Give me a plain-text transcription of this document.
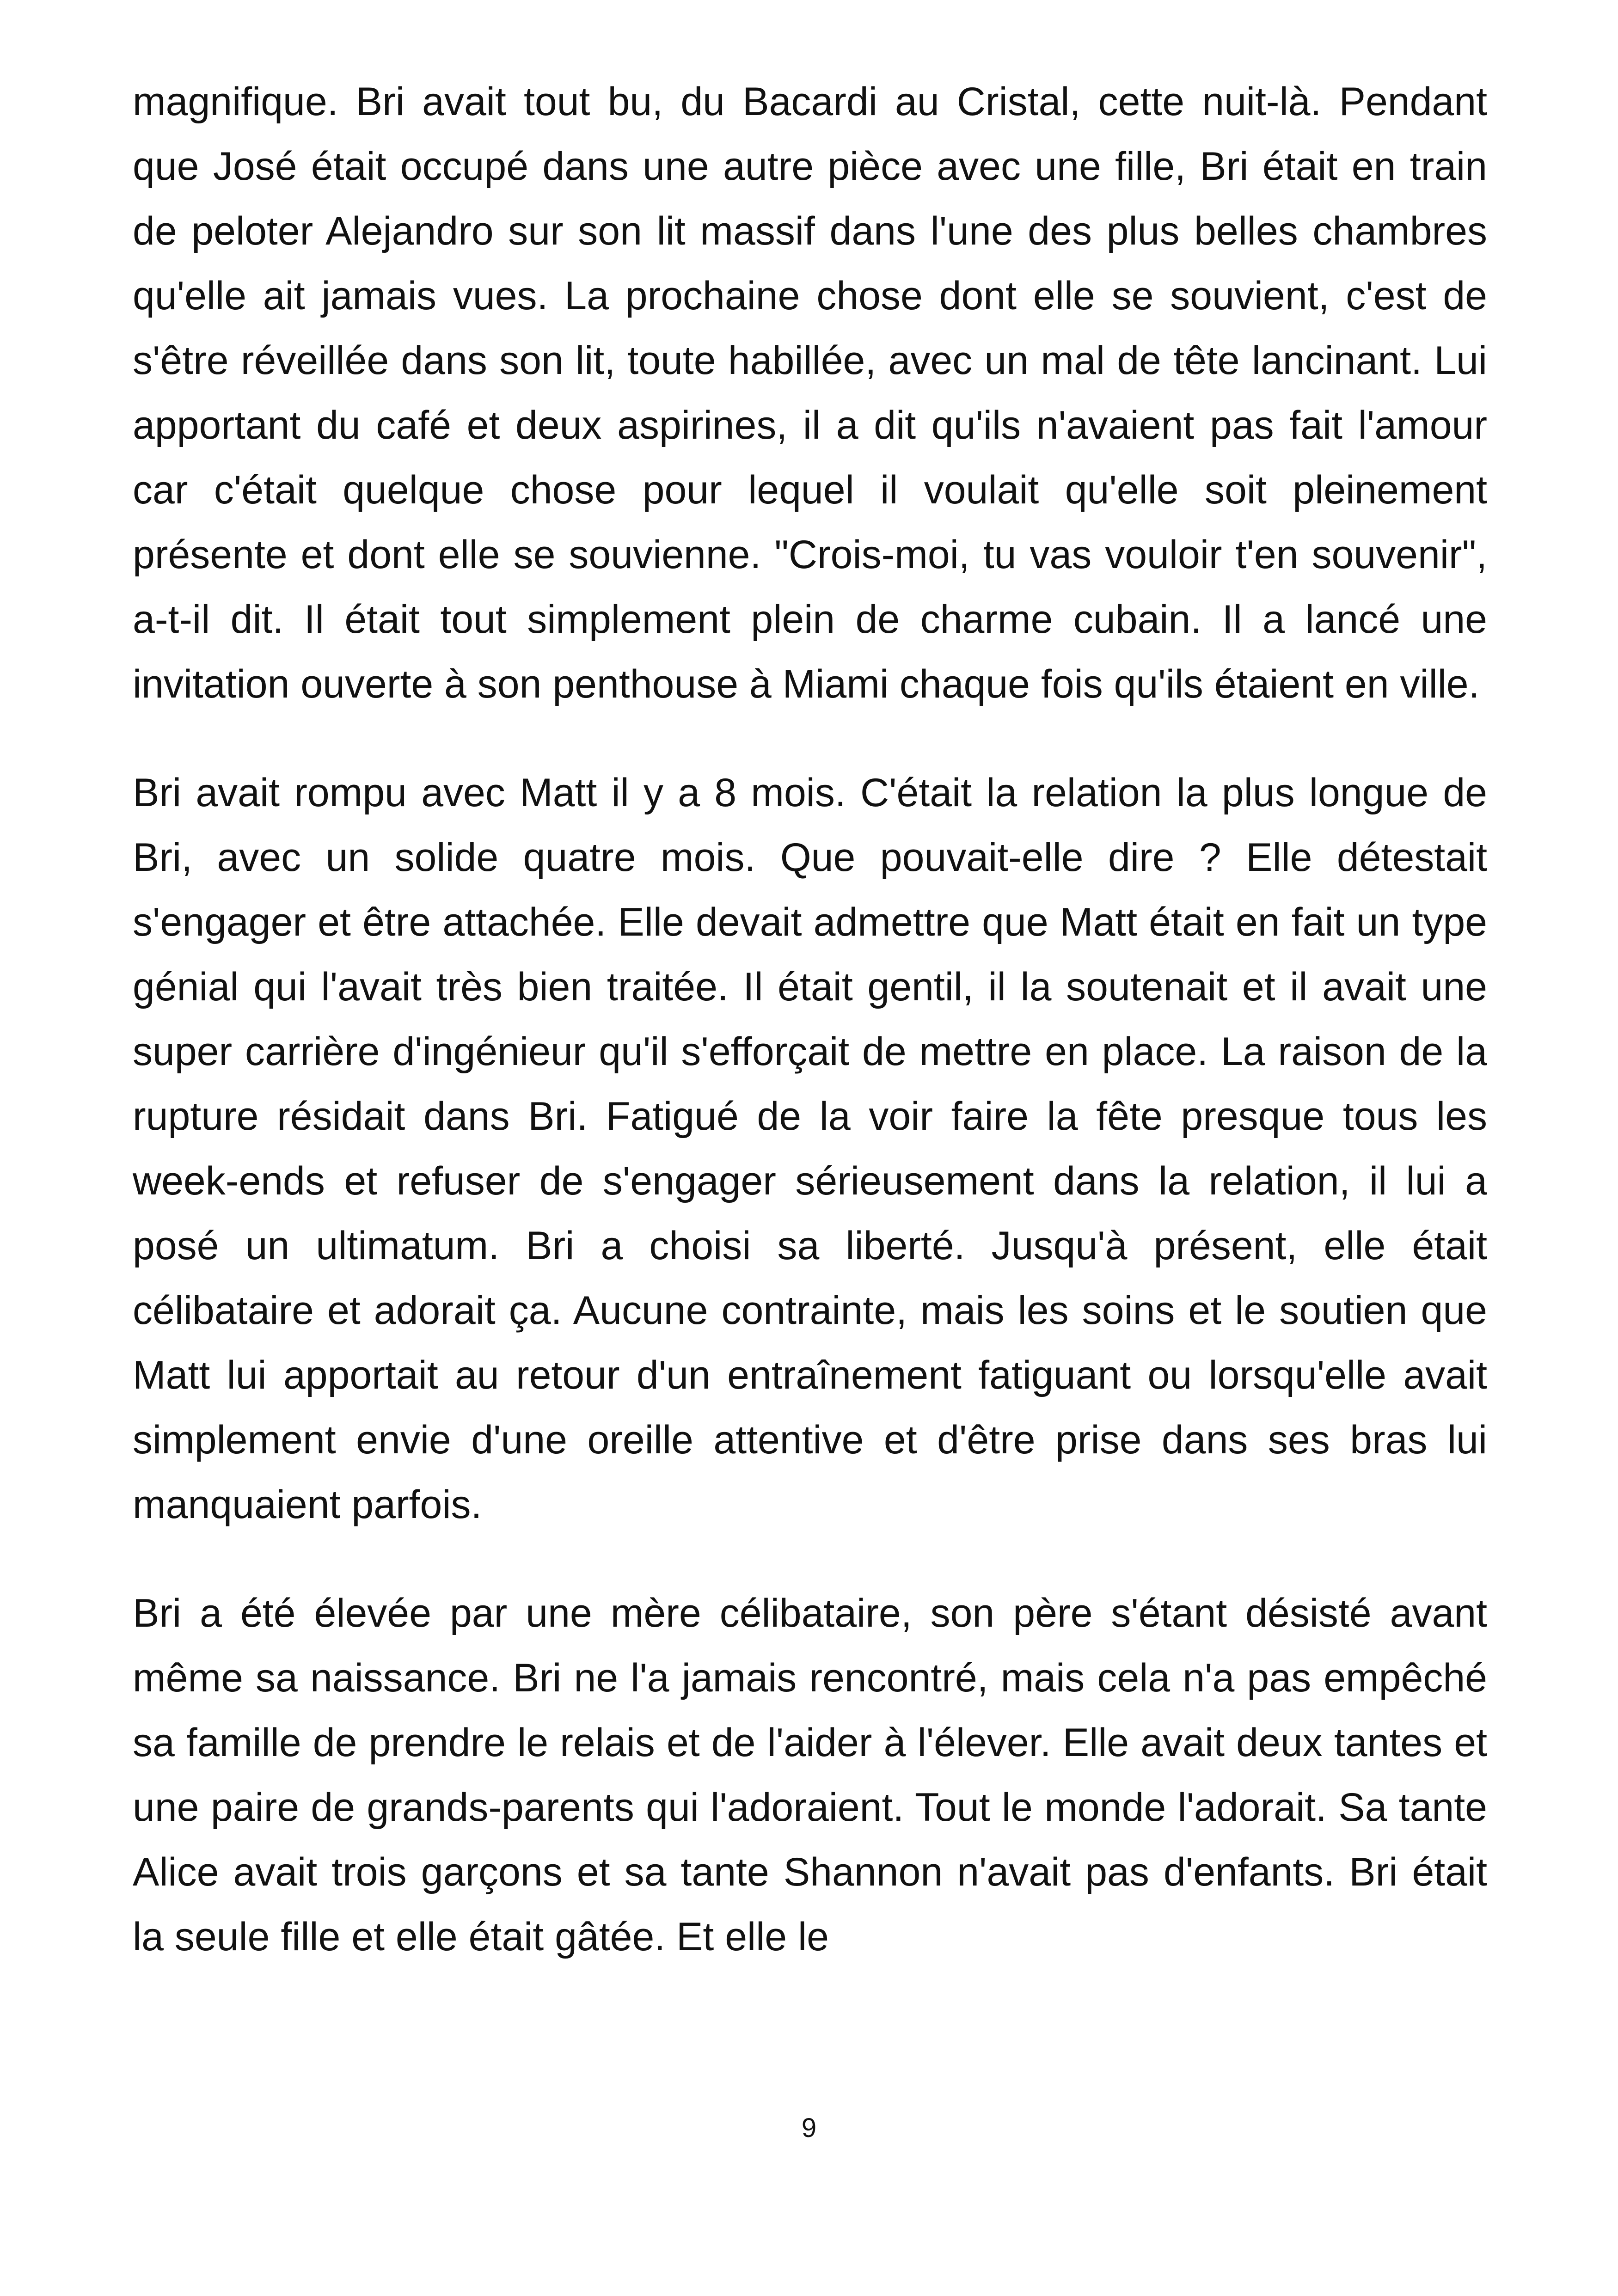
magnifique. Bri avait tout bu, du Bacardi au Cristal, cette nuit-là. Pendant que José était occupé dans une autre pièce avec une fille, Bri était en train de peloter Alejandro sur son lit massif dans l'une des plus belles chambres qu'elle ait jamais vues. La prochaine chose dont elle se souvient, c'est de s'être réveillée dans son lit, toute habillée, avec un mal de tête lancinant. Lui apportant du café et deux aspirines, il a dit qu'ils n'avaient pas fait l'amour car c'était quelque chose pour lequel il voulait qu'elle soit pleinement présente et dont elle se souvienne. "Crois-moi, tu vas vouloir t'en souvenir", a-t-il dit. Il était tout simplement plein de charme cubain. Il a lancé une invitation ouverte à son penthouse à Miami chaque fois qu'ils étaient en ville.

Bri avait rompu avec Matt il y a 8 mois. C'était la relation la plus longue de Bri, avec un solide quatre mois. Que pouvait-elle dire ? Elle détestait s'engager et être attachée. Elle devait admettre que Matt était en fait un type génial qui l'avait très bien traitée. Il était gentil, il la soutenait et il avait une super carrière d'ingénieur qu'il s'efforçait de mettre en place. La raison de la rupture résidait dans Bri. Fatigué de la voir faire la fête presque tous les week-ends et refuser de s'engager sérieusement dans la relation, il lui a posé un ultimatum. Bri a choisi sa liberté. Jusqu'à présent, elle était célibataire et adorait ça. Aucune contrainte, mais les soins et le soutien que Matt lui apportait au retour d'un entraînement fatiguant ou lorsqu'elle avait simplement envie d'une oreille attentive et d'être prise dans ses bras lui manquaient parfois.

Bri a été élevée par une mère célibataire, son père s'étant désisté avant même sa naissance. Bri ne l'a jamais rencontré, mais cela n'a pas empêché sa famille de prendre le relais et de l'aider à l'élever. Elle avait deux tantes et une paire de grands-parents qui l'adoraient. Tout le monde l'adorait. Sa tante Alice avait trois garçons et sa tante Shannon n'avait pas d'enfants. Bri était la seule fille et elle était gâtée. Et elle le

9
